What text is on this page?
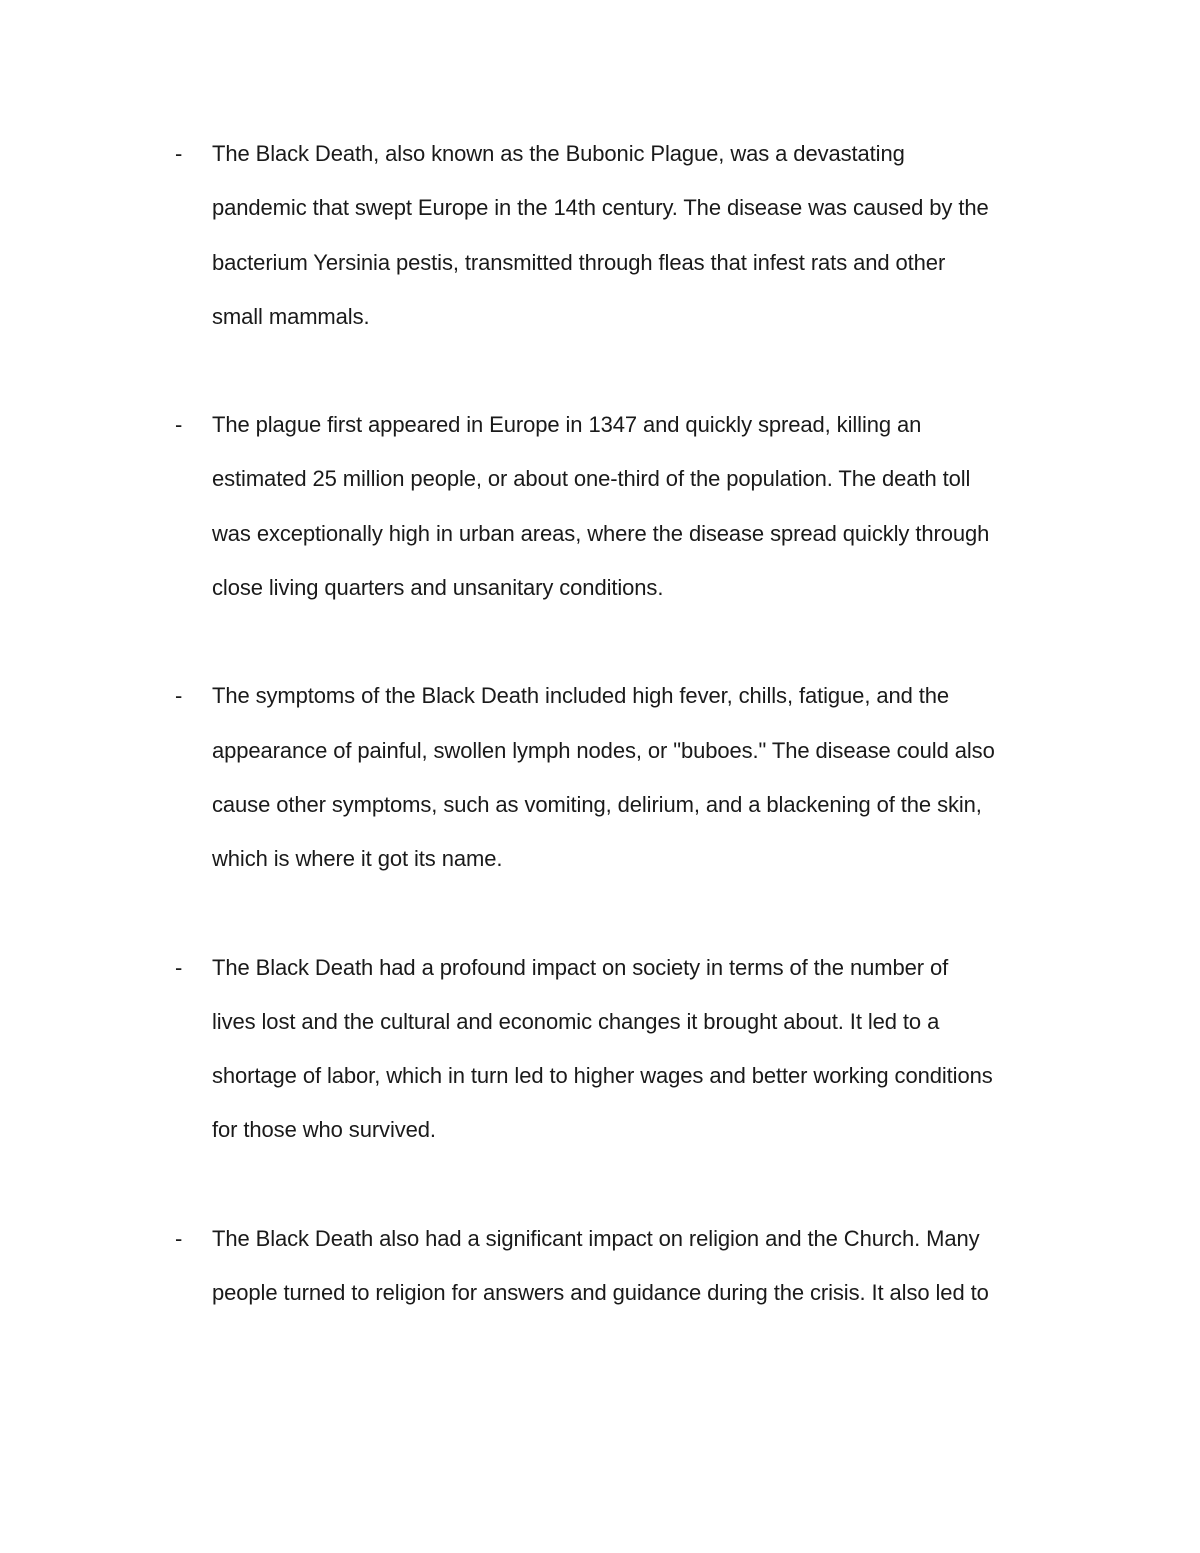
- The Black Death, also known as the Bubonic Plague, was a devastating
pandemic that swept Europe in the 14th century. The disease was caused by the
bacterium Yersinia pestis, transmitted through fleas that infest rats and other
small mammals.
- The plague first appeared in Europe in 1347 and quickly spread, killing an
estimated 25 million people, or about one-third of the population. The death toll
was exceptionally high in urban areas, where the disease spread quickly through
close living quarters and unsanitary conditions.
- The symptoms of the Black Death included high fever, chills, fatigue, and the
appearance of painful, swollen lymph nodes, or "buboes." The disease could also
cause other symptoms, such as vomiting, delirium, and a blackening of the skin,
which is where it got its name.
- The Black Death had a profound impact on society in terms of the number of
lives lost and the cultural and economic changes it brought about. It led to a
shortage of labor, which in turn led to higher wages and better working conditions
for those who survived.
- The Black Death also had a significant impact on religion and the Church. Many
people turned to religion for answers and guidance during the crisis. It also led to
